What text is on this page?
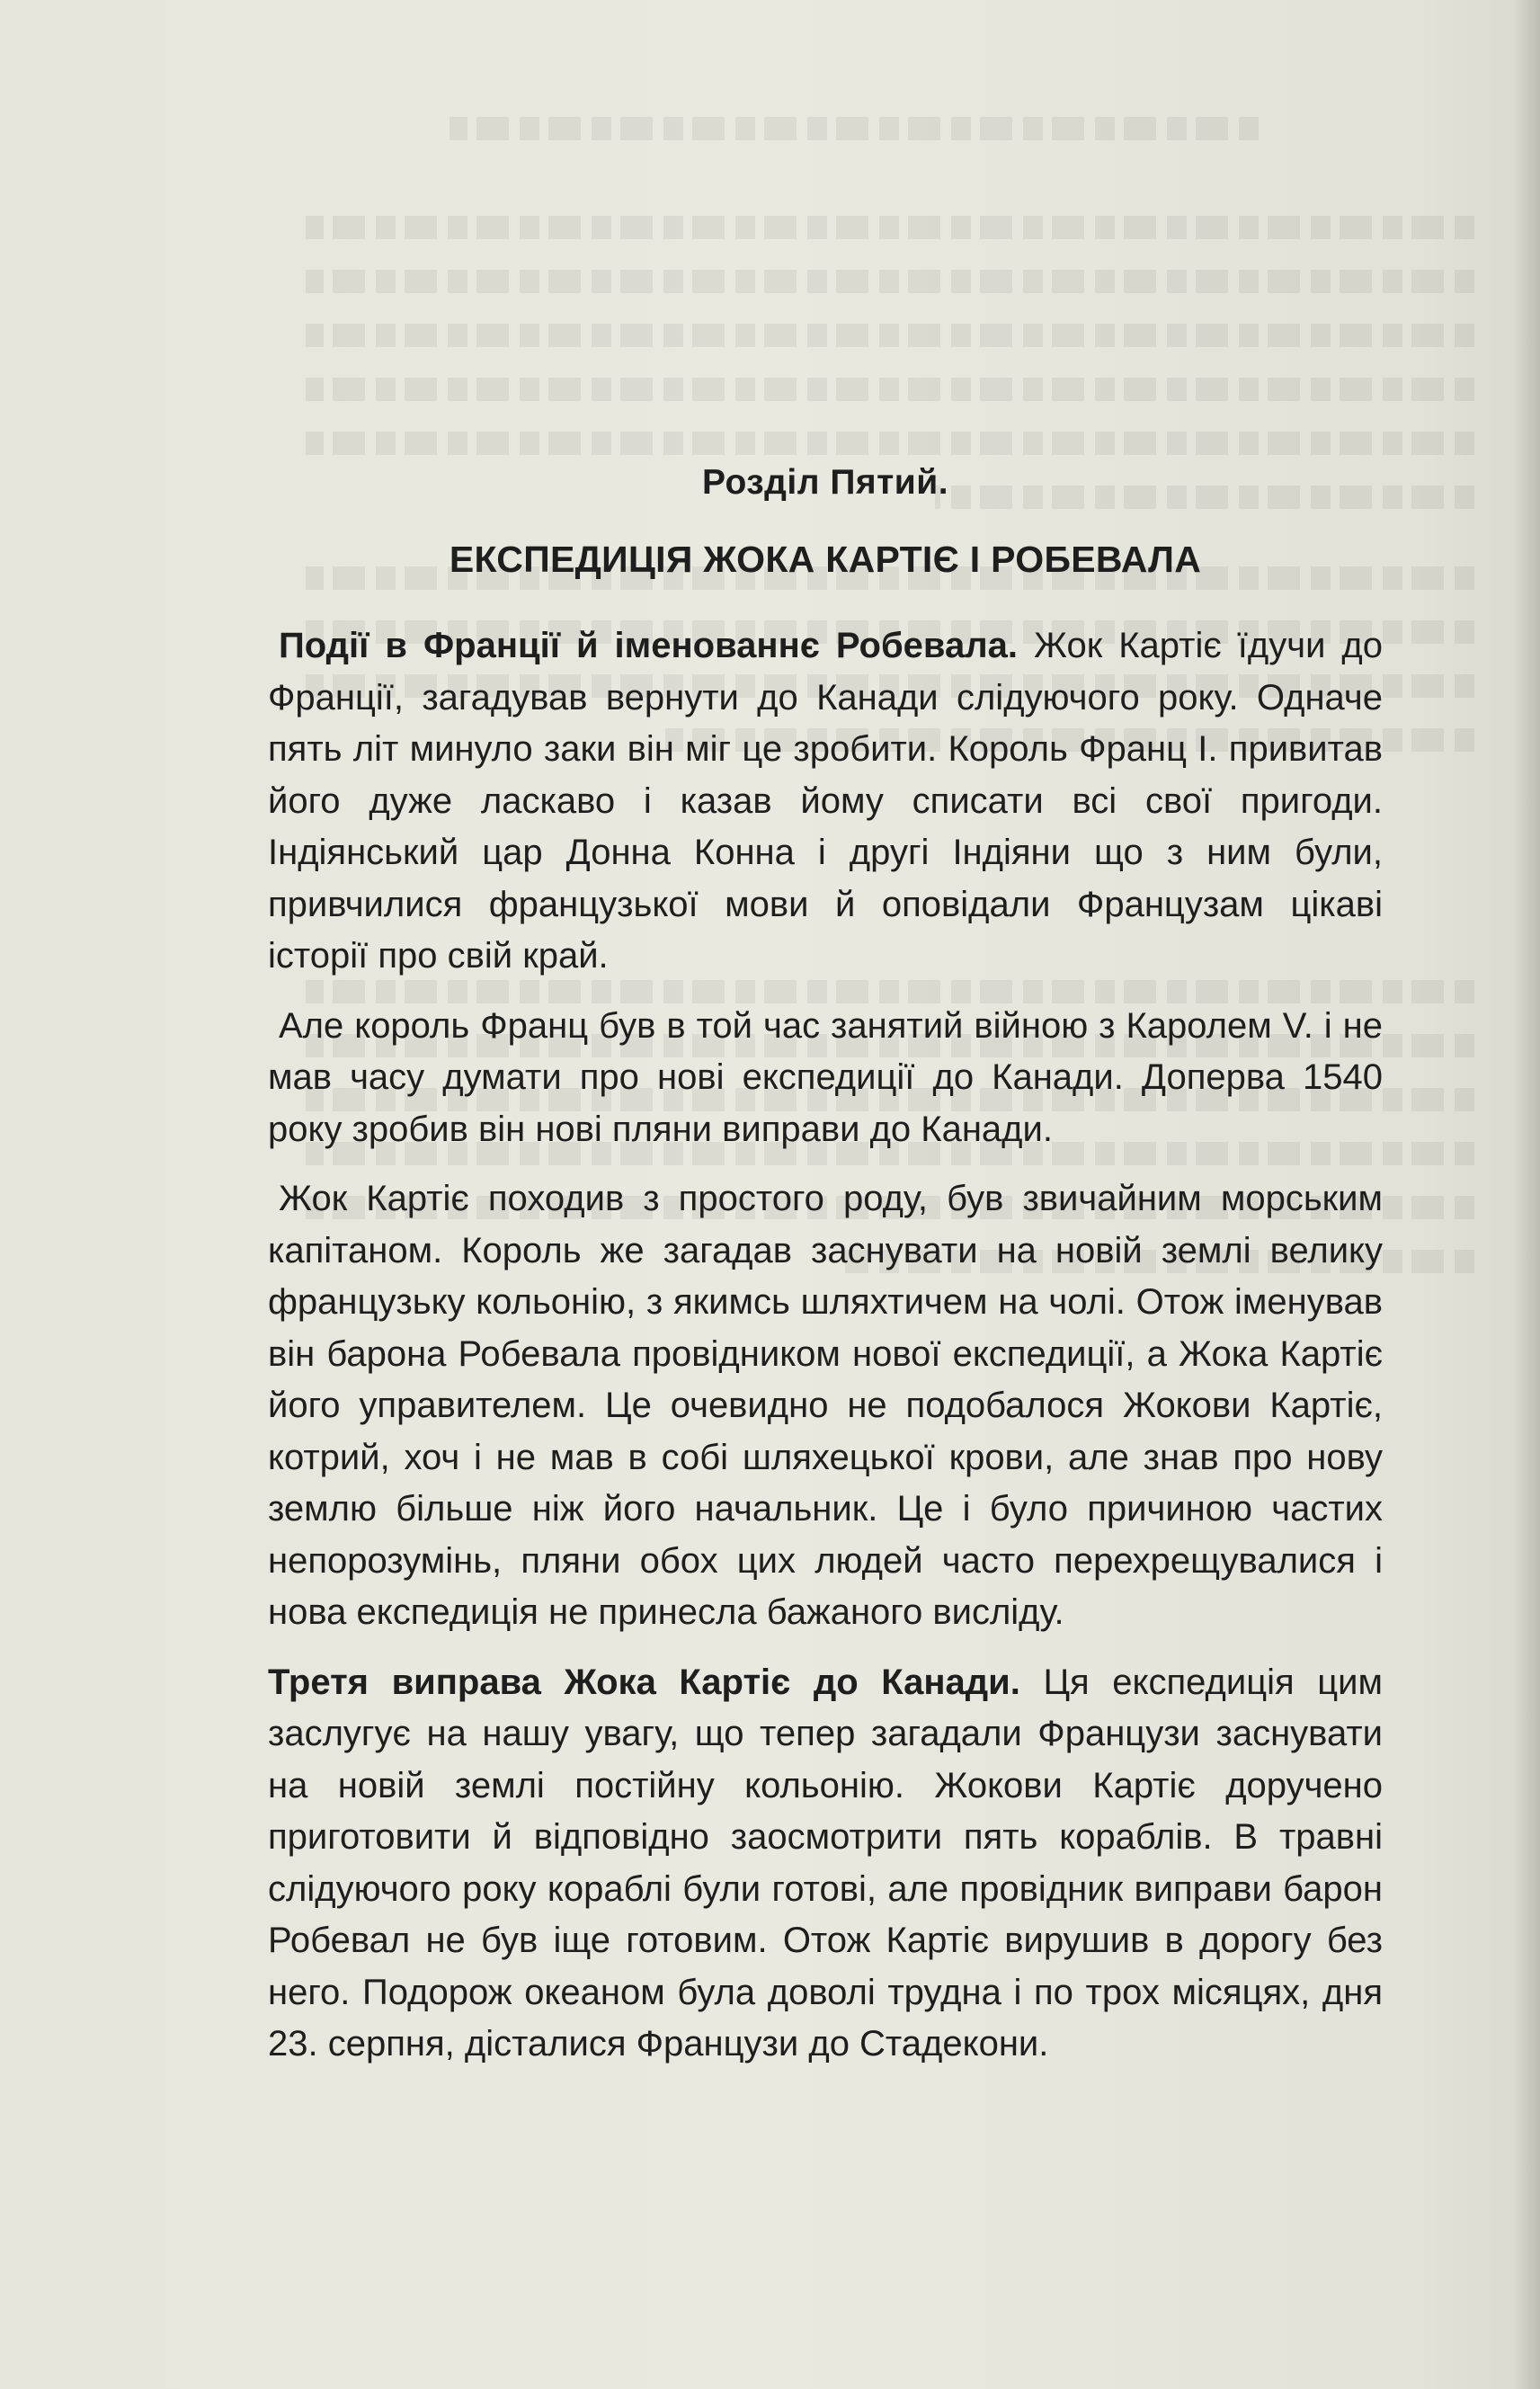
Розділ Пятий.
ЕКСПЕДИЦІЯ ЖОКА КАРТІЄ І РОБЕВАЛА

Події в Франції й іменованнє Робевала. Жок Картіє їдучи до Франції, загадував вернути до Канади слідуючого року. Одначе пять літ минуло заки він міг це зробити. Король Франц І. привитав його дуже ласкаво і казав йому списати всі свої пригоди. Індіянський цар Донна Конна і другі Індіяни що з ним були, привчилися французької мови й оповідали Французам цікаві історії про свій край.

Але король Франц був в той час занятий війною з Каролем V. і не мав часу думати про нові експедиції до Канади. Доперва 1540 року зробив він нові пляни виправи до Канади.

Жок Картіє походив з простого роду, був звичайним морським капітаном. Король же загадав заснувати на новій землі велику французьку кольонію, з якимсь шляхтичем на чолі. Отож іменував він барона Робевала провідником нової експедиції, а Жока Картіє його управителем. Це очевидно не подобалося Жокови Картіє, котрий, хоч і не мав в собі шляхецької крови, але знав про нову землю більше ніж його начальник. Це і було причиною частих непорозумінь, пляни обох цих людей часто перехрещувалися і нова експедиція не принесла бажаного висліду.

Третя виправа Жока Картіє до Канади. Ця експедиція цим заслугує на нашу увагу, що тепер загадали Французи заснувати на новій землі постійну кольонію. Жокови Картіє доручено приготовити й відповідно заосмотрити пять кораблів. В травні слідуючого року кораблі були готові, але провідник виправи барон Робевал не був іще готовим. Отож Картіє вирушив в дорогу без него. Подорож океаном була доволі трудна і по трох місяцях, дня 23. серпня, дісталися Французи до Стадекони.
